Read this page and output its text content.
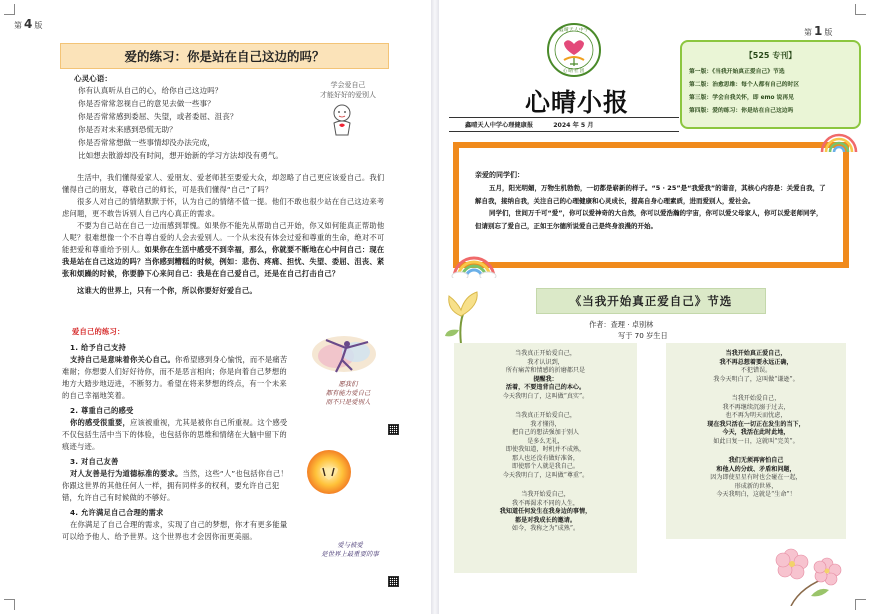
第 4 版
爱的练习：你是站在自己这边的吗？
心灵心语：
你有认真听从自己的心，给你自己这边吗？
你是否常常忽视自己的意见去做一些事？
你是否常常感到委屈、失望，或者委屈、沮丧？
你是否对未来感到恐慌无助？
你是否常常想做一些事情却没办法完成，
比如想去散游却没有时间，想开始新的学习方法却没有勇气。
学会爱自己
才能好好的爱别人

生活中，我们懂得爱家人、爱朋友、爱老师甚至要爱大众，却忽略了自己更应该爱自己。我们懂得自己的朋友，尊敬自己的师长，可是我们懂得“自己”了吗？

很多人对自己的情绪默默于怀，认为自己的情绪不值一提。他们不敢也很少站在自己这边来考虑问题，更不敢告诉别人自己内心真正的需求。

不要为自己站在自己一边而感到罪愧。如果你不能先从帮助自己开始，你又如何能真正帮助他人呢？很难想像一个不自尊自爱的人会去爱别人。一个从未没有体会过爱和尊重的生命，绝对不可能把爱和尊重给予别人。如果你在生活中感受不到幸福，那么，你就要不断地在心中问自己：现在我是站在自己这边的吗？当你感到糟糕的时候，例如：悲伤、疼痛、担忧、失望、委屈、沮丧、紧张和烦躁的时候，你要静下心来问自己：我是在自己爱自己，还是在自己打击自己？

这谁大的世界上，只有一个你，所以你要好好爱自己。

爱自己的练习：
1. 给予自己支持

支持自己是意味着你关心自己。你希望感到身心愉悦，而不是痛苦难耐；你想要人们好好待你，而不是恶言相向；你是向着自己梦想的地方大踏步地迈进，不断努力。希望在将来梦想的终点，有一个未来的自己幸福地笑着。

2. 尊重自己的感受

你的感受很重要，应该被重视，尤其是被你自己所重视。这个感受不仅包括生活中当下的体验，也包括你的思维和情绪在大脑中留下的痕迹与迹。

3. 对自己友善

对人友善是行为道德标准的要求。当然，这些“人”也包括你自己！你跟这世界的其他任何人一样，拥有同样多的权利，要允许自己犯错，允许自己有时候做的不够好。

4. 允许满足自己合理的需求

在你满足了自己合理的需求，实现了自己的梦想，你才有更多能量可以给予他人、给予世界。这个世界也才会因你而更美丽。

愿我们
都有能力爱自己
而不只是爱别人
爱与被爱
是世界上最重要的事
第 1 版
鑫晴天人中学
心晴社团
心晴小报
鑫晴天人中学心理健康报	2024 年 5 月
【525 专刊】
第一版：《当我开始真正爱自己》节选
第二版：治愈思维：每个人都有自己的时区
第三版：学会自我关怀，即 emo 说再见
第四版：爱的练习：你是站在自己这边吗
亲爱的同学们：

五月，阳光明媚，万物生机勃勃，一切都是崭新的样子。“5 · 25”是“我爱我”的谐音，其核心内容是：关爱自我，了解自我，接纳自我，关注自己的心理健康和心灵成长，提高自身心理素质，进而爱别人，爱社会。

同学们，世间万千可“爱”，你可以爱神奇的大自然，你可以爱浩瀚的宇宙，你可以爱父母家人，你可以爱老师同学，但请别忘了爱自己，正如王尔德所说爱自己是终身浪漫的开始。

《当我开始真正爱自己》节选
作者：查理 · 卓别林
写于 70 岁生日
当我真正开始爱自己，
我才认识到，
所有痛苦和情感的折磨都只是
提醒我：
活着，不要违背自己的本心。
今天我明白了，这叫做“真实”。
当我真正开始爱自己，
我才懂得，
把自己的想法强加于别人
是多么无礼，
即使我知道，时机并不成熟，
那人也还没有做好准备，
即使那个人就是我自己。
今天我明白了，这叫做“尊重”。
当我开始爱自己，
我不再渴求不同的人生，
我知道任何发生在我身边的事情，
都是对我成长的邀请。
如今，我称之为“成熟”。
当我开始真正爱自己，
我不再总想着要永远正确，
不犯错误。
我今天明白了，这叫做“谦逊”。
当我开始爱自己，
我不再继续沉溺于过去，
也不再为明天而忧虑，
现在我只活在一切正在发生的当下，
今天，我活在此时此地，
如此日复一日，这就叫“完美”。
我们无须再害怕自己
和他人的分歧、矛盾和问题，
因为即使星星有时也会碰在一起，
形成新的世界，
今天我明白，这就是“生命”！
